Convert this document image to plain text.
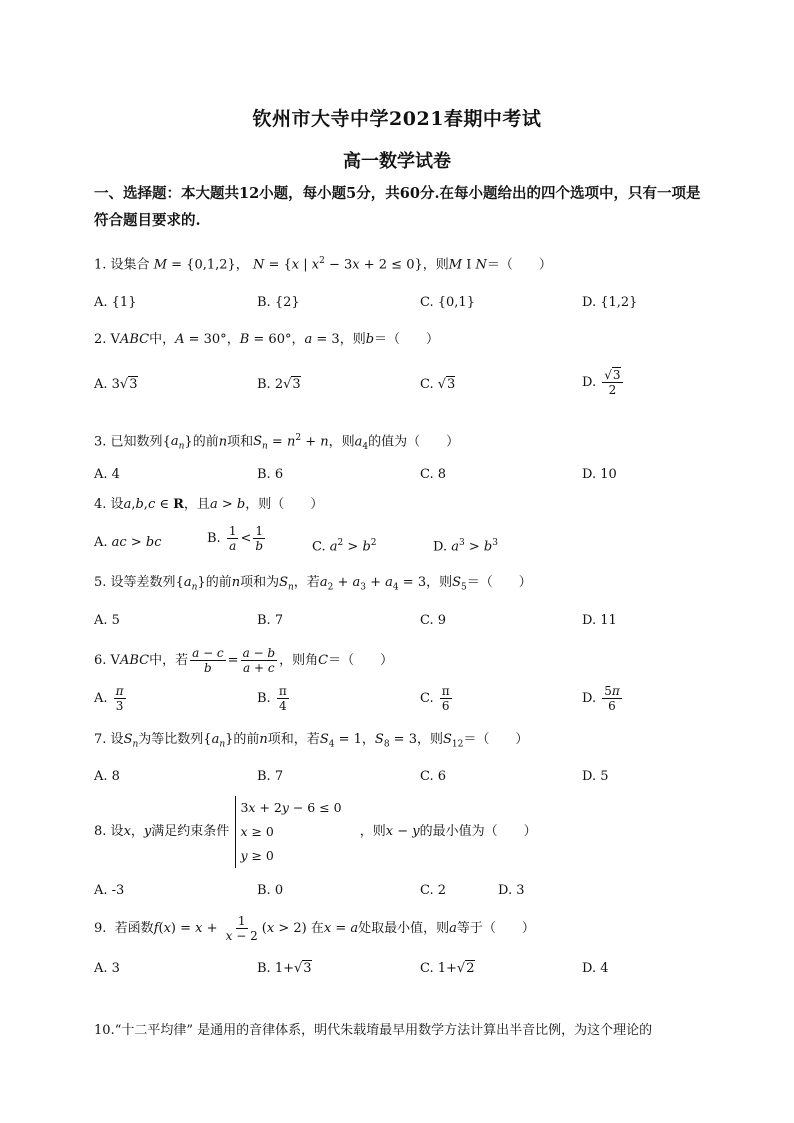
钦州市大寺中学2021春期中考试
高一数学试卷
一、选择题：本大题共12小题，每小题5分，共60分.在每小题给出的四个选项中，只有一项是符合题目要求的.
1. 设集合 M = {0,1,2}， N = {x | $x^2 - 3x + 2 \le 0$}，则M I N＝（　　）
A. {1}	B. {2}	C. {0,1}	D. {1,2}
2. VABC中，A = 30°，B = 60°，a = 3，则b＝（　　）
A. 3√3	B. 2√3	C. √3	D. $\frac{√3}{2}$
3. 已知数列$\{a_n\}$的前n项和$S_n = n^2 + n$，则$a_4$的值为（　　）
A. 4	B. 6	C. 8	D. 10
4. 设a,b,c ∈ R，且a > b，则（　　）
A. ac > bc	B. $\frac{1}{a} < \frac{1}{b}$	C. $a^2 > b^2$	D. $a^3 > b^3$
5. 设等差数列$\{a_n\}$的前n项和为$S_n$，若$a_2 + a_3 + a_4 = 3$，则$S_5=$（　　）
A. 5	B. 7	C. 9	D. 11
6. VABC中，若 $\frac{a - c}{b} = \frac{a - b}{a + c}$ ，则角C＝（　　）
A. $\frac{\pi}{3}$	B. $\frac{\pi}{4}$	C. $\frac{\pi}{6}$	D. $\frac{5\pi}{6}$
7. 设$S_n$为等比数列$\{a_n\}$的前n项和，若$S_4 = 1$，$S_8 = 3$，则$S_{12}=$（　　）
A. 8	B. 7	C. 6	D. 5
8. 设x，y满足约束条件 3x + 2y − 6 ≤ 0
x ≥ 0
y ≥ 0 ，则x − y的最小值为（　　）
A. -3	B. 0	C. 2	D. 3
9. 若函数$f(x) = x + \frac{1}{x - 2} (x > 2)$ 在x = a处取最小值，则a等于（　　）
A. 3	B. 1+√3	C. 1+√2	D. 4
10.“十二平均律” 是通用的音律体系，明代朱载堉最早用数学方法计算出半音比例，为这个理论的
